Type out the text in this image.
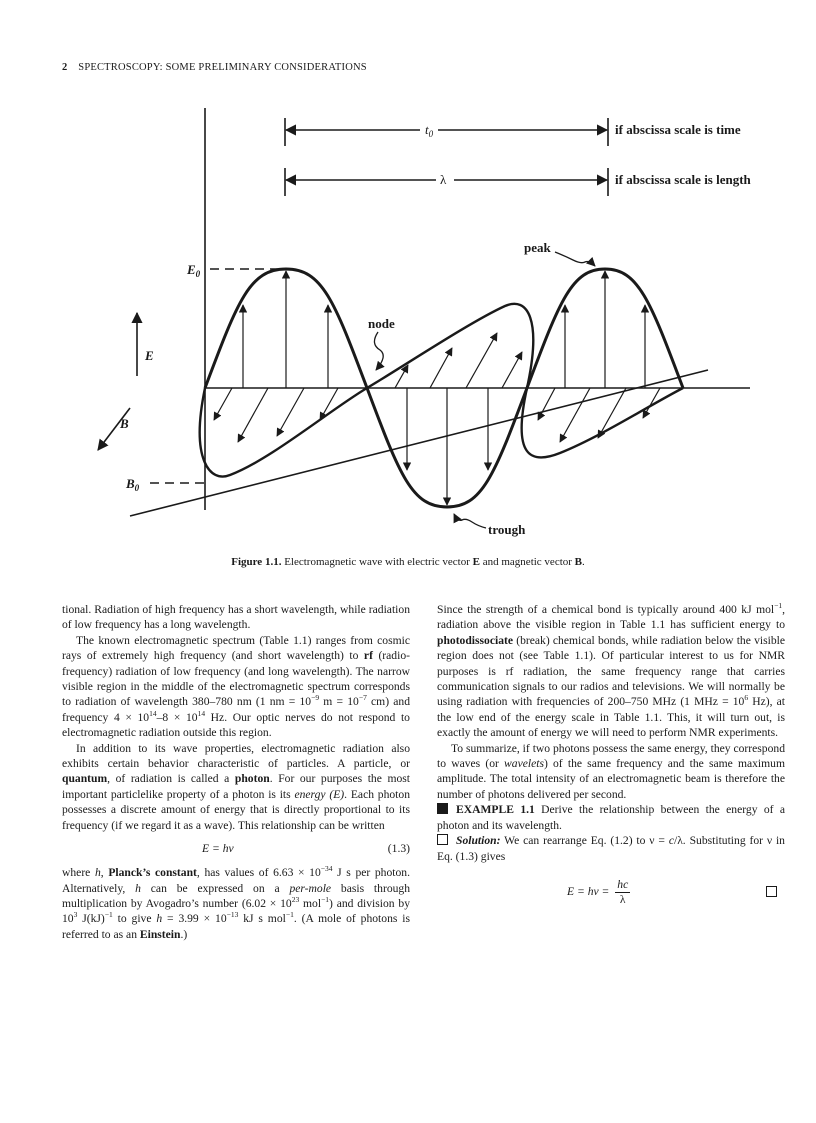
2 SPECTROSCOPY: SOME PRELIMINARY CONSIDERATIONS
$t_0$
λ
if abscissa scale is time
if abscissa scale is length
$E_0$
$B_0$
E
B
peak
node
trough
Figure 1.1. Electromagnetic wave with electric vector E and magnetic vector B.

tional. Radiation of high frequency has a short wavelength, while radiation of low frequency has a long wavelength.

The known electromagnetic spectrum (Table 1.1) ranges from cosmic rays of extremely high frequency (and short wavelength) to rf (radio-frequency) radiation of low frequency (and long wavelength). The narrow visible region in the middle of the electromagnetic spectrum corresponds to radiation of wavelength 380–780 nm (1 nm = $10^{-9}$ $m = 10^{-7}$ cm) and frequency $4 \times 10^{14}-8 \times 10^{14}$ Hz. Our optic nerves do not respond to electromagnetic radiation outside this region.

In addition to its wave properties, electromagnetic radiation also exhibits certain behavior characteristic of particles. A particle, or quantum, of radiation is called a photon. For our purposes the most important particlelike property of a photon is its energy (E). Each photon possesses a discrete amount of energy that is directly proportional to its frequency (if we regard it as a wave). This relationship can be written

E = hν	(1.3)

where h, Planck’s constant, has values of $6.63 \times 10^{-34}$ J s per photon. Alternatively, h can be expressed on a per-mole basis through multiplication by Avogadro’s number ($6.02 \times 10^{23}$ mol$^{-1}$) and division by $10^3$ J(kJ)$^{-1}$ to give $h = 3.99 \times 10^{-13}$ kJ s mol$^{-1}$. (A mole of photons is referred to as an Einstein.)

Since the strength of a chemical bond is typically around 400 kJ mol$^{-1}$, radiation above the visible region in Table 1.1 has sufficient energy to photodissociate (break) chemical bonds, while radiation below the visible region does not (see Table 1.1). Of particular interest to us for NMR purposes is rf radiation, the same frequency range that carries communication signals to our radios and televisions. We will normally be using radiation with frequencies of 200–750 MHz (1 MHz = $10^6$ Hz), at the low end of the energy scale in Table 1.1. This, it will turn out, is exactly the amount of energy we will need to perform NMR experiments.

To summarize, if two photons possess the same energy, they correspond to waves (or wavelets) of the same frequency and the same maximum amplitude. The total intensity of an electromagnetic beam is therefore the number of photons delivered per second.

EXAMPLE 1.1 Derive the relationship between the energy of a photon and its wavelength.

Solution: We can rearrange Eq. (1.2) to ν = c/λ. Substituting for ν in Eq. (1.3) gives

$E = h\nu = \frac{hc}{\lambda}$
